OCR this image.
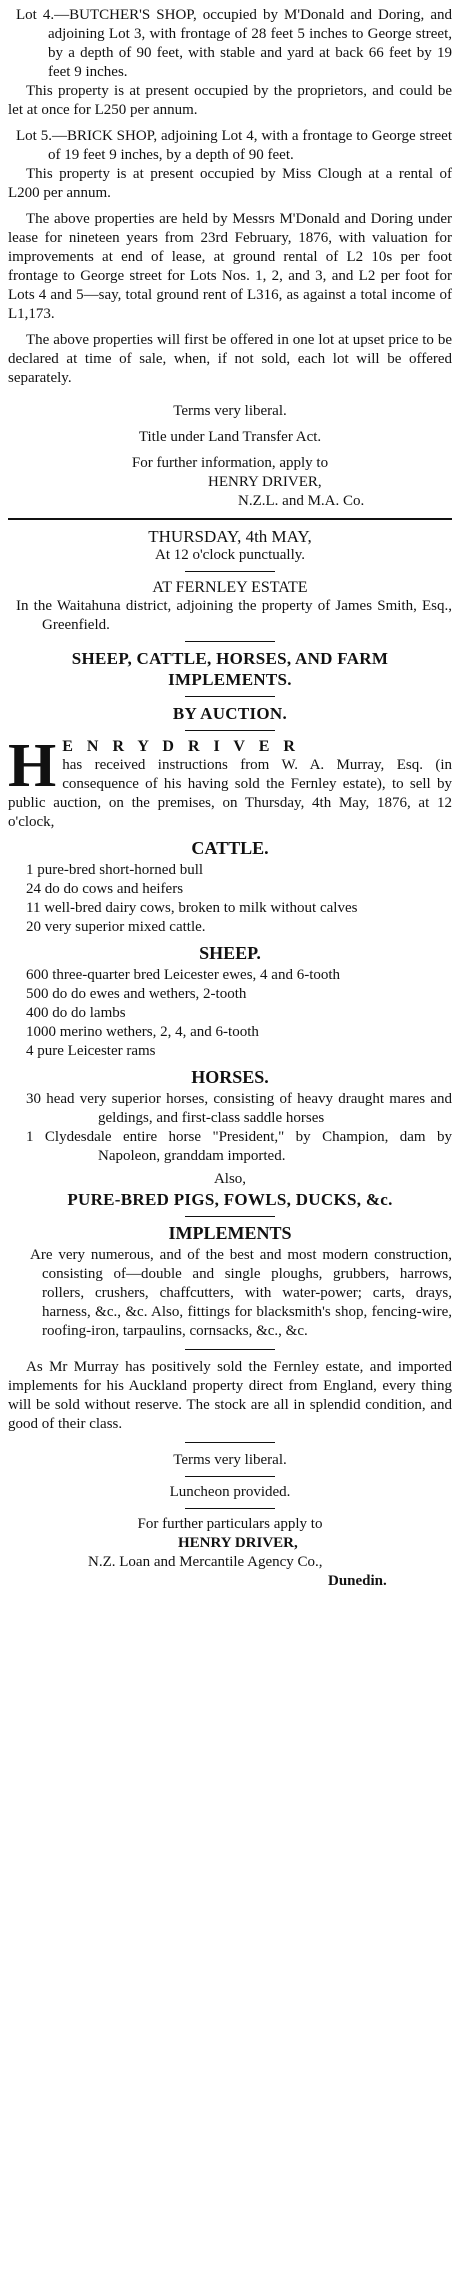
Lot 4.—BUTCHER'S SHOP, occupied by M'Donald and Doring, and adjoining Lot 3, with frontage of 28 feet 5 inches to George street, by a depth of 90 feet, with stable and yard at back 66 feet by 19 feet 9 inches.

This property is at present occupied by the proprietors, and could be let at once for L250 per annum.

Lot 5.—BRICK SHOP, adjoining Lot 4, with a frontage to George street of 19 feet 9 inches, by a depth of 90 feet.

This property is at present occupied by Miss Clough at a rental of L200 per annum.

The above properties are held by Messrs M'Donald and Doring under lease for nineteen years from 23rd February, 1876, with valuation for improvements at end of lease, at ground rental of L2 10s per foot frontage to George street for Lots Nos. 1, 2, and 3, and L2 per foot for Lots 4 and 5—say, total ground rent of L316, as against a total income of L1,173.

The above properties will first be offered in one lot at upset price to be declared at time of sale, when, if not sold, each lot will be offered separately.

Terms very liberal.

Title under Land Transfer Act.

For further information, apply to

HENRY DRIVER,

N.Z.L. and M.A. Co.

THURSDAY, 4th MAY,

At 12 o'clock punctually.

AT FERNLEY ESTATE

In the Waitahuna district, adjoining the property of James Smith, Esq., Greenfield.

SHEEP, CATTLE, HORSES, AND FARM IMPLEMENTS.

BY AUCTION.

H E N R Y D R I V E R

has received instructions from W. A. Murray, Esq. (in consequence of his having sold the Fernley estate), to sell by public auction, on the premises, on Thursday, 4th May, 1876, at 12 o'clock,

CATTLE.

1 pure-bred short-horned bull

24 do do cows and heifers

11 well-bred dairy cows, broken to milk without calves

20 very superior mixed cattle.

SHEEP.

600 three-quarter bred Leicester ewes, 4 and 6-tooth

500 do do ewes and wethers, 2-tooth

400 do do lambs

1000 merino wethers, 2, 4, and 6-tooth

4 pure Leicester rams

HORSES.

30 head very superior horses, consisting of heavy draught mares and geldings, and first-class saddle horses

1 Clydesdale entire horse "President," by Champion, dam by Napoleon, granddam imported.

Also,

PURE-BRED PIGS, FOWLS, DUCKS, &c.

IMPLEMENTS

Are very numerous, and of the best and most modern construction, consisting of—double and single ploughs, grubbers, harrows, rollers, crushers, chaffcutters, with water-power; carts, drays, harness, &c., &c. Also, fittings for blacksmith's shop, fencing-wire, roofing-iron, tarpaulins, cornsacks, &c., &c.

As Mr Murray has positively sold the Fernley estate, and imported implements for his Auckland property direct from England, every thing will be sold without reserve. The stock are all in splendid condition, and good of their class.

Terms very liberal.

Luncheon provided.

For further particulars apply to

HENRY DRIVER,

N.Z. Loan and Mercantile Agency Co.,

Dunedin.
